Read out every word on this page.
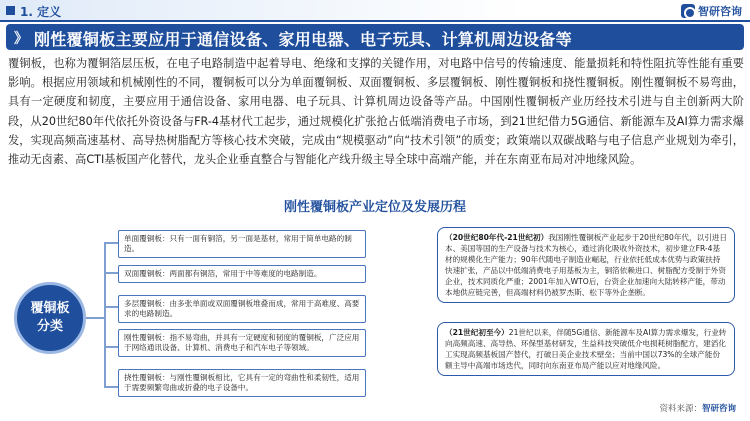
1. 定义	智研咨询
》 刚性覆铜板主要应用于通信设备、家用电器、电子玩具、计算机周边设备等
覆铜板，也称为覆铜箔层压板，在电子电路制造中起着导电、绝缘和支撑的关键作用，对电路中信号的传输速度、能量损耗和特性阻抗等性能有重要影响。根据应用领域和机械刚性的不同，覆铜板可以分为单面覆铜板、双面覆铜板、多层覆铜板、刚性覆铜板和挠性覆铜板。刚性覆铜板不易弯曲，具有一定硬度和韧度，主要应用于通信设备、家用电器、电子玩具、计算机周边设备等产品。中国刚性覆铜板产业历经技术引进与自主创新两大阶段，从20世纪80年代依托外资设备与FR-4基材代工起步，通过规模化扩张抢占低端消费电子市场，到21世纪借力5G通信、新能源车及AI算力需求爆发，实现高频高速基材、高导热树脂配方等核心技术突破，完成由“规模驱动”向“技术引领”的质变；政策端以双碳战略与电子信息产业规划为牵引，推动无卤素、高CTI基板国产化替代，龙头企业垂直整合与智能化产线升级主导全球中高端产能，并在东南亚布局对冲地缘风险。
刚性覆铜板产业定位及发展历程
覆铜板
分类
单面覆铜板：只有一面有铜箔，另一面是基材，常用于简单电路的制造。
双面覆铜板：两面都有铜箔，常用于中等难度的电路制造。
多层覆铜板：由多张单面或双面覆铜板堆叠而成，常用于高难度、高要求的电路制造。
刚性覆铜板：指不易弯曲，并具有一定硬度和韧度的覆铜板，广泛应用于网络通讯设备、计算机、消费电子和汽车电子等领域。
挠性覆铜板：与刚性覆铜板相比，它具有一定的弯曲性和柔韧性，适用于需要频繁弯曲或折叠的电子设备中。
（20世纪80年代-21世纪初）我国刚性覆铜板产业起步于20世纪80年代，以引进日本、美国等国的生产设备与技术为核心，通过消化吸收外资技术，初步建立FR-4基材的规模化生产能力；90年代随电子制造业崛起，行业依托低成本优势与政策扶持快速扩张，产品以中低端消费电子用基板为主，铜箔依赖进口、树脂配方受制于外资企业，技术同质化严重；2001年加入WTO后，台资企业加速向大陆转移产能，带动本地供应链完善，但高端材料仍被罗杰斯、松下等外企垄断。
（21世纪初至今）21世纪以来，伴随5G通信、新能源车及AI算力需求爆发，行业转向高频高速、高导热、环保型基材研发，生益科技突破低介电损耗树脂配方，建滔化工实现高频基板国产替代，打破日美企业技术壁垒；当前中国以73%的全球产能份额主导中高端市场迭代，同时向东南亚布局产能以应对地缘风险。
资料来源：智研咨询
